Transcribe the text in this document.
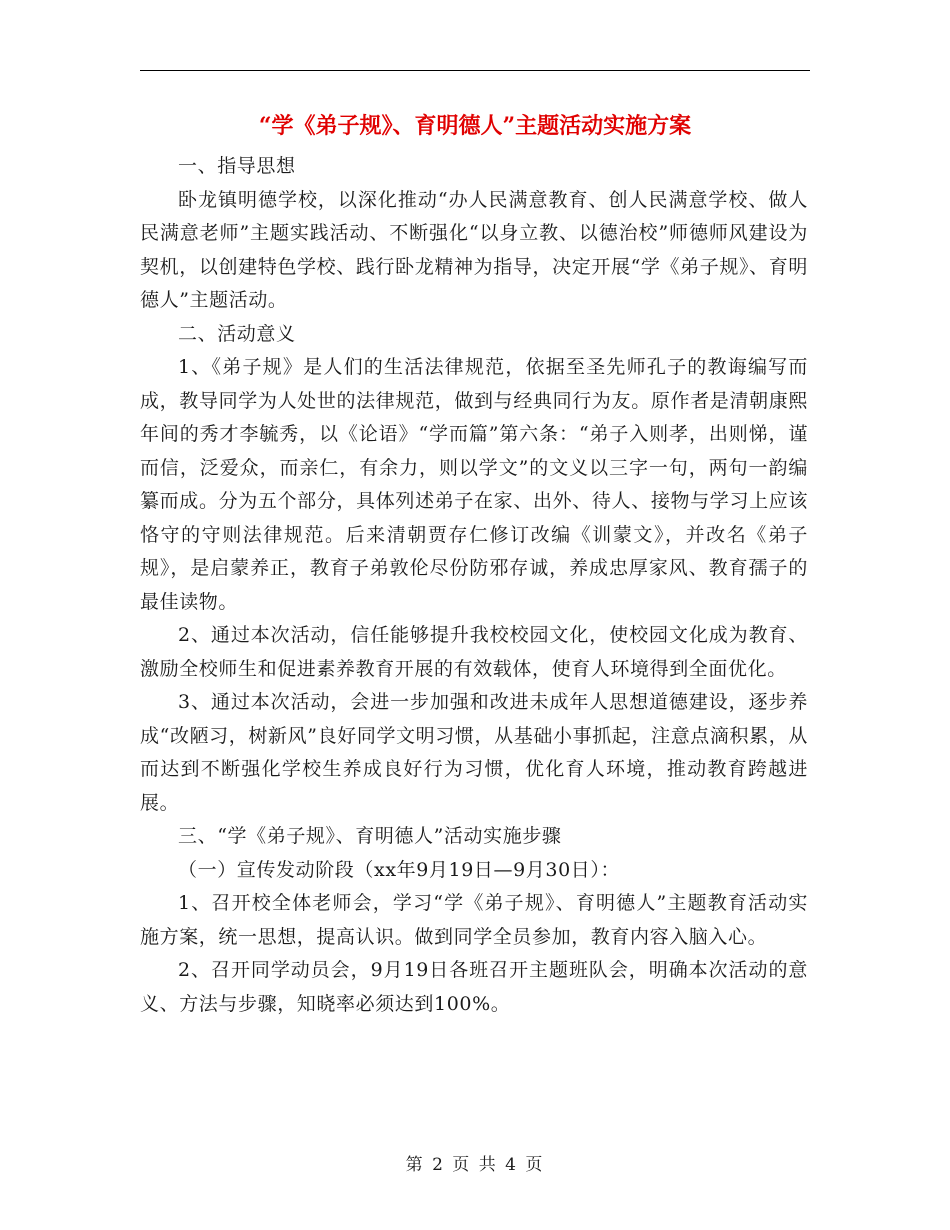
“学《弟子规》、育明德人”主题活动实施方案

一、指导思想

卧龙镇明德学校，以深化推动“办人民满意教育、创人民满意学校、做人民满意老师”主题实践活动、不断强化“以身立教、以德治校”师德师风建设为契机，以创建特色学校、践行卧龙精神为指导，决定开展“学《弟子规》、育明德人”主题活动。

二、活动意义

1、《弟子规》是人们的生活法律规范，依据至圣先师孔子的教诲编写而成，教导同学为人处世的法律规范，做到与经典同行为友。原作者是清朝康熙年间的秀才李毓秀，以《论语》“学而篇”第六条：“弟子入则孝，出则悌，谨而信，泛爱众，而亲仁，有余力，则以学文”的文义以三字一句，两句一韵编纂而成。分为五个部分，具体列述弟子在家、出外、待人、接物与学习上应该恪守的守则法律规范。后来清朝贾存仁修订改编《训蒙文》，并改名《弟子规》，是启蒙养正，教育子弟敦伦尽份防邪存诚，养成忠厚家风、教育孺子的最佳读物。

2、通过本次活动，信任能够提升我校校园文化，使校园文化成为教育、激励全校师生和促进素养教育开展的有效载体，使育人环境得到全面优化。

3、通过本次活动，会进一步加强和改进未成年人思想道德建设，逐步养成“改陋习，树新风”良好同学文明习惯，从基础小事抓起，注意点滴积累，从而达到不断强化学校生养成良好行为习惯，优化育人环境，推动教育跨越进展。

三、“学《弟子规》、育明德人”活动实施步骤

（一）宣传发动阶段（xx年9月19日—9月30日）：

1、召开校全体老师会，学习“学《弟子规》、育明德人”主题教育活动实施方案，统一思想，提高认识。做到同学全员参加，教育内容入脑入心。

2、召开同学动员会，9月19日各班召开主题班队会，明确本次活动的意义、方法与步骤，知晓率必须达到100%。

第 2 页 共 4 页
